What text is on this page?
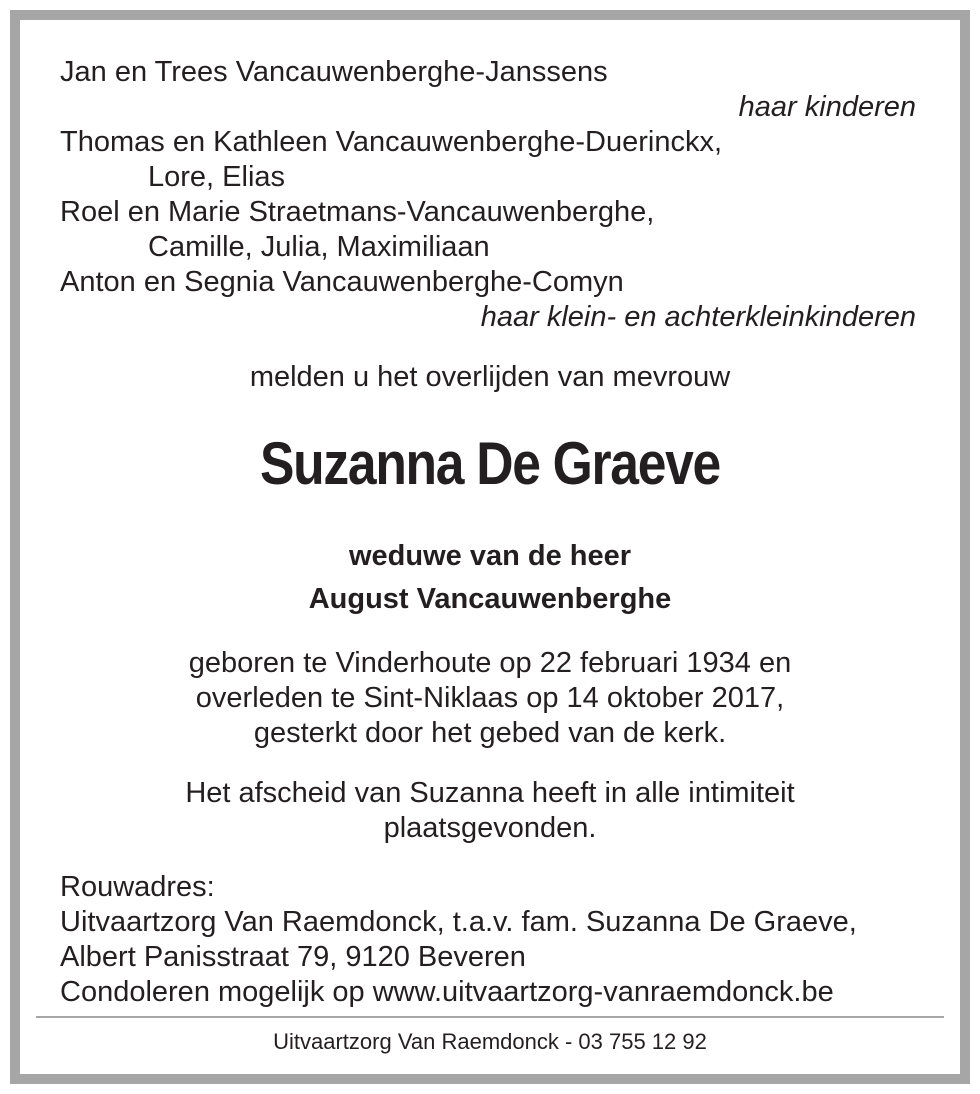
Jan en Trees Vancauwenberghe-Janssens
haar kinderen
Thomas en Kathleen Vancauwenberghe-Duerinckx,
Lore, Elias
Roel en Marie Straetmans-Vancauwenberghe,
Camille, Julia, Maximiliaan
Anton en Segnia Vancauwenberghe-Comyn
haar klein- en achterkleinkinderen
melden u het overlijden van mevrouw
Suzanna De Graeve
weduwe van de heer
August Vancauwenberghe
geboren te Vinderhoute op 22 februari 1934 en
overleden te Sint-Niklaas op 14 oktober 2017,
gesterkt door het gebed van de kerk.
Het afscheid van Suzanna heeft in alle intimiteit
plaatsgevonden.
Rouwadres:
Uitvaartzorg Van Raemdonck, t.a.v. fam. Suzanna De Graeve,
Albert Panisstraat 79, 9120 Beveren
Condoleren mogelijk op www.uitvaartzorg-vanraemdonck.be
Uitvaartzorg Van Raemdonck - 03 755 12 92
